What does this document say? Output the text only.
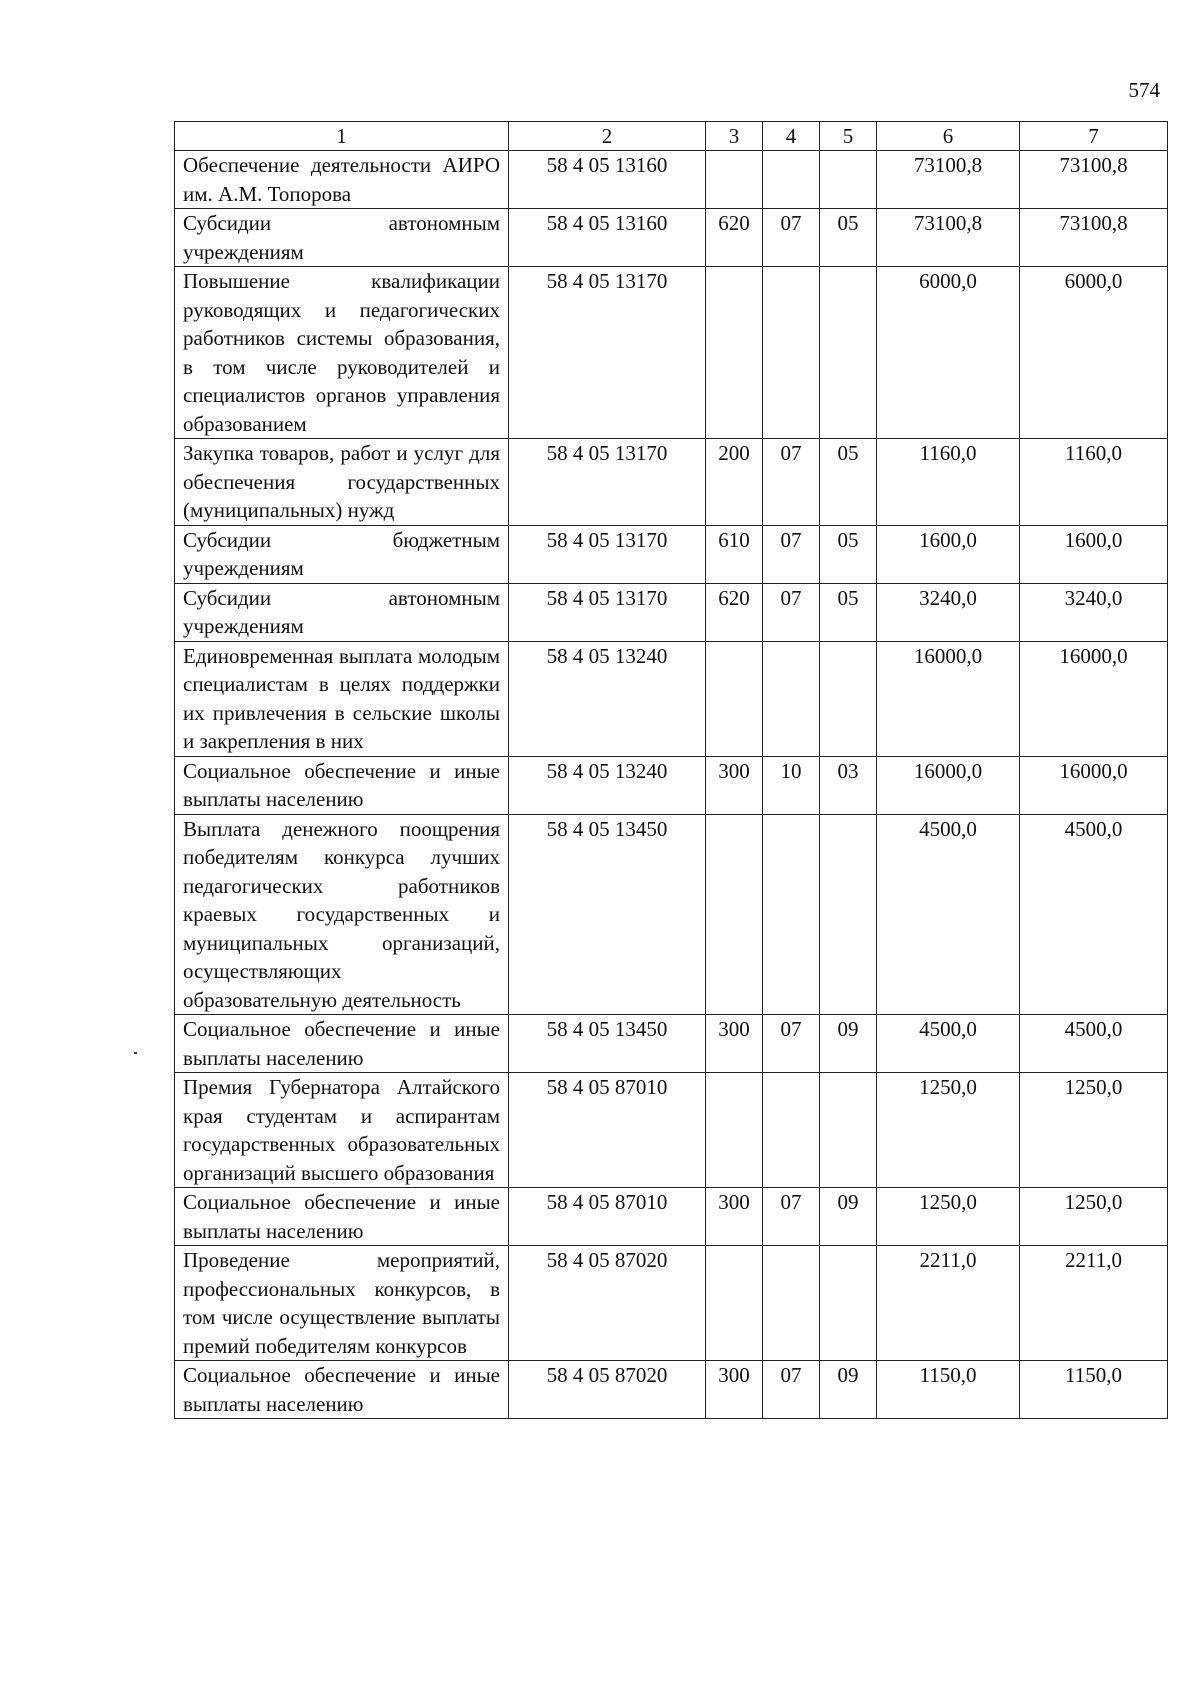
574
1	2	3	4	5	6	7
Обеспечение деятельности АИРО им. А.М. Топорова	58 4 05 13160				73100,8	73100,8
Субсидии автономным учреждениям	58 4 05 13160	620	07	05	73100,8	73100,8
Повышение квалификации руководящих и педагогических работников системы образования, в том числе руководителей и специалистов органов управления образованием	58 4 05 13170				6000,0	6000,0
Закупка товаров, работ и услуг для обеспечения государственных (муниципальных) нужд	58 4 05 13170	200	07	05	1160,0	1160,0
Субсидии бюджетным учреждениям	58 4 05 13170	610	07	05	1600,0	1600,0
Субсидии автономным учреждениям	58 4 05 13170	620	07	05	3240,0	3240,0
Единовременная выплата молодым специалистам в целях поддержки их привлечения в сельские школы и закрепления в них	58 4 05 13240				16000,0	16000,0
Социальное обеспечение и иные выплаты населению	58 4 05 13240	300	10	03	16000,0	16000,0
Выплата денежного поощрения победителям конкурса лучших педагогических работников краевых государственных и муниципальных организаций, осуществляющих образовательную деятельность	58 4 05 13450				4500,0	4500,0
Социальное обеспечение и иные выплаты населению	58 4 05 13450	300	07	09	4500,0	4500,0
Премия Губернатора Алтайского края студентам и аспирантам государственных образовательных организаций высшего образования	58 4 05 87010				1250,0	1250,0
Социальное обеспечение и иные выплаты населению	58 4 05 87010	300	07	09	1250,0	1250,0
Проведение мероприятий, профессиональных конкурсов, в том числе осуществление выплаты премий победителям конкурсов	58 4 05 87020				2211,0	2211,0
Социальное обеспечение и иные выплаты населению	58 4 05 87020	300	07	09	1150,0	1150,0
